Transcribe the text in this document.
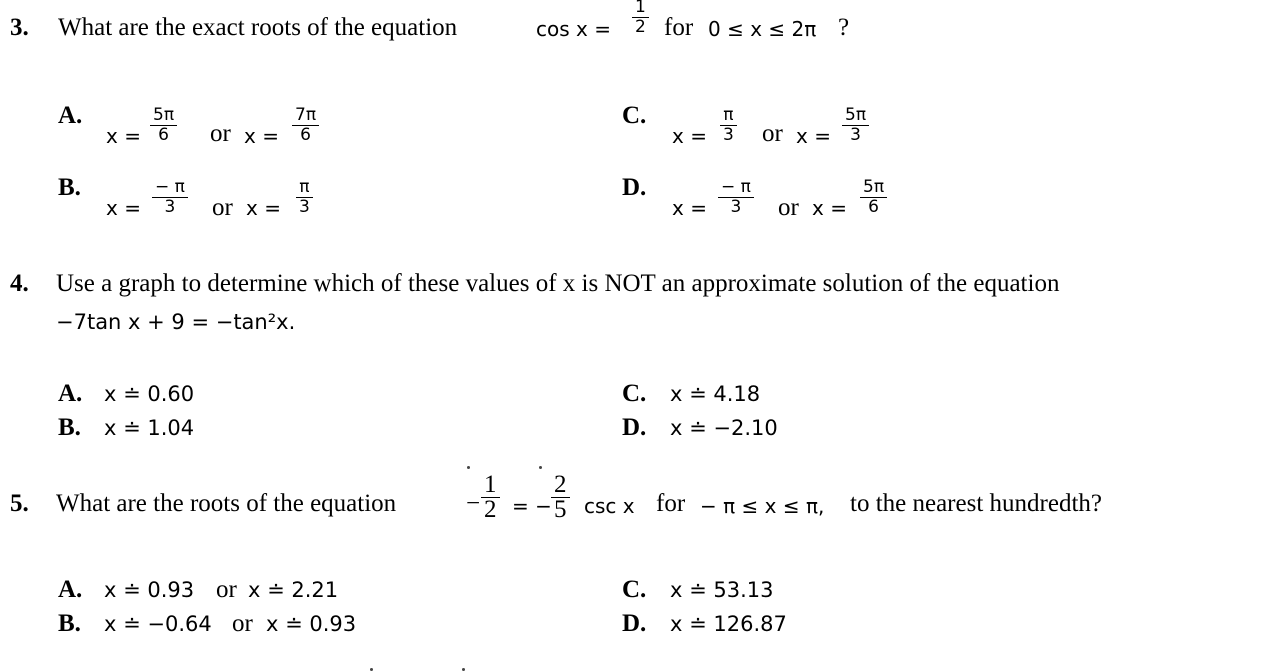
3. What are the exact roots of the equation	cos x =
1
2 for 0 ≤ x ≤ 2π ?
A.
x =
5π
6 or x =
7π
6
B.
x =
− π
3 or x =
π
3
C.
x =
π
3 or x =
5π
3
D.
x =
− π
3 or x =
5π
6
4. Use a graph to determine which of these values of x is NOT an approximate solution of the equation
−7tan x + 9 = −tan²x.
A. x ≐ 0.60
B. x ≐ 1.04
C. x ≐ 4.18
D. x ≐ −2.10
5. What are the roots of the equation	−
1
2 = −
2
5 csc x for − π ≤ x ≤ π, to the nearest hundredth?
A. x ≐ 0.93 or x ≐ 2.21
B. x ≐ −0.64 or x ≐ 0.93
C. x ≐ 53.13
D. x ≐ 126.87
